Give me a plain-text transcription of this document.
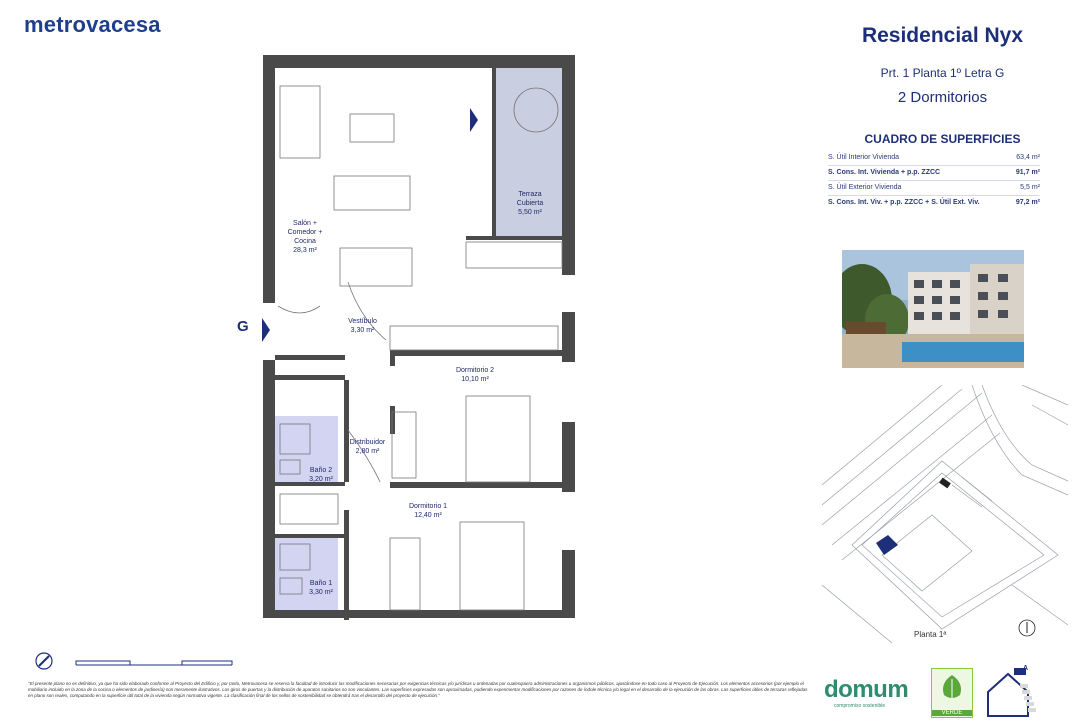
metrovacesa	Residencial Nyx
Prt. 1 Planta 1º Letra G
2 Dormitorios
CUADRO DE SUPERFICIES
S. Útil Interior Vivienda	63,4 m²
S. Cons. Int. Vivienda + p.p. ZZCC	91,7 m²
S. Útil Exterior Vivienda	5,5 m²
S. Cons. Int. Viv. + p.p. ZZCC + S. Útil Ext. Viv.	97,2 m²
Planta 1ª
G
Terraza
Cubierta
5,50 m²
Salón +
Comedor +
Cocina
28,3 m²
Vestíbulo
3,30 m²
Dormitorio 2
10,10 m²
Distribuidor
2,80 m²
Baño 2
3,20 m²
Dormitorio 1
12,40 m²
Baño 1
3,30 m²
"El presente plano no es definitivo, ya que ha sido elaborado conforme al Proyecto del Edificio y, por tanto, Metrovacesa se reserva la facultad de introducir las modificaciones necesarias por exigencias técnicas y/o jurídicas u ordenadas por cualesquiera administraciones u organismos públicos, ajustándose en todo caso al Proyecto de Ejecución. Los elementos accesorios (por ejemplo el mobiliario incluido en la zona de la cocina o elementos de jardinería) son meramente ilustrativos. Los giros de puertas y la distribución de aparatos sanitarios no son vinculantes. Las superficies expresadas son aproximadas, pudiendo experimentar modificaciones por razones de índole técnica y/o legal en el desarrollo de la ejecución de las obras. Las superficies útiles de terrazas reflejadas en plano son reales, computando en la superficie útil total de la vivienda según normativa vigente. La clasificación final de los sellos de sostenibilidad se obtendrá tras el desarrollo del proyecto de ejecución."	domum
compromiso sostenible
VERDE
A
